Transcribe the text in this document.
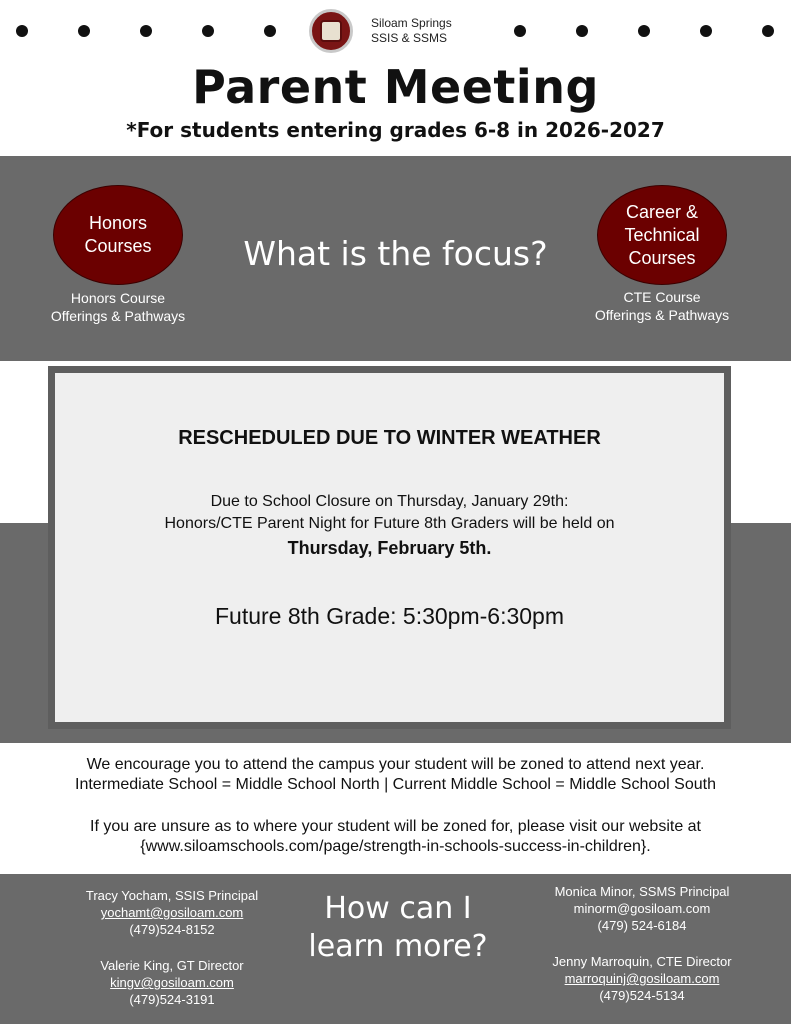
Siloam Springs
SSIS & SSMS
Parent Meeting
*For students entering grades 6-8 in 2026-2027
Honors
Courses
Honors Course
Offerings & Pathways
What is the focus?
Career &
Technical
Courses
CTE Course
Offerings & Pathways
RESCHEDULED DUE TO WINTER WEATHER
Due to School Closure on Thursday, January 29th:
Honors/CTE Parent Night for Future 8th Graders will be held on
Thursday, February 5th.
Future 8th Grade: 5:30pm-6:30pm
We encourage you to attend the campus your student will be zoned to attend next year.
Intermediate School = Middle School North | Current Middle School = Middle School South
If you are unsure as to where your student will be zoned for, please visit our website at
{www.siloamschools.com/page/strength-in-schools-success-in-children}.
Tracy Yocham, SSIS Principal
yochamt@gosiloam.com
(479)524-8152
Valerie King, GT Director
kingv@gosiloam.com
(479)524-3191
How can I
learn more?
Monica Minor, SSMS Principal
minorm@gosiloam.com
(479) 524-6184
Jenny Marroquin, CTE Director
marroquinj@gosiloam.com
(479)524-5134
